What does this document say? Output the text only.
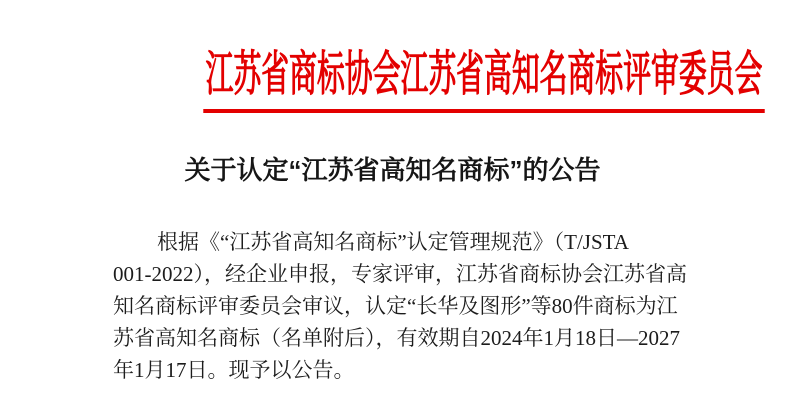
江苏省商标协会江苏省高知名商标评审委员会
关于认定“江苏省高知名商标”的公告
根据《“江苏省高知名商标”认定管理规范》（T/JSTA
001-2022），经企业申报，专家评审，江苏省商标协会江苏省高
知名商标评审委员会审议，认定“长华及图形”等80件商标为江
苏省高知名商标（名单附后），有效期自2024年1月18日—2027
年1月17日。现予以公告。
